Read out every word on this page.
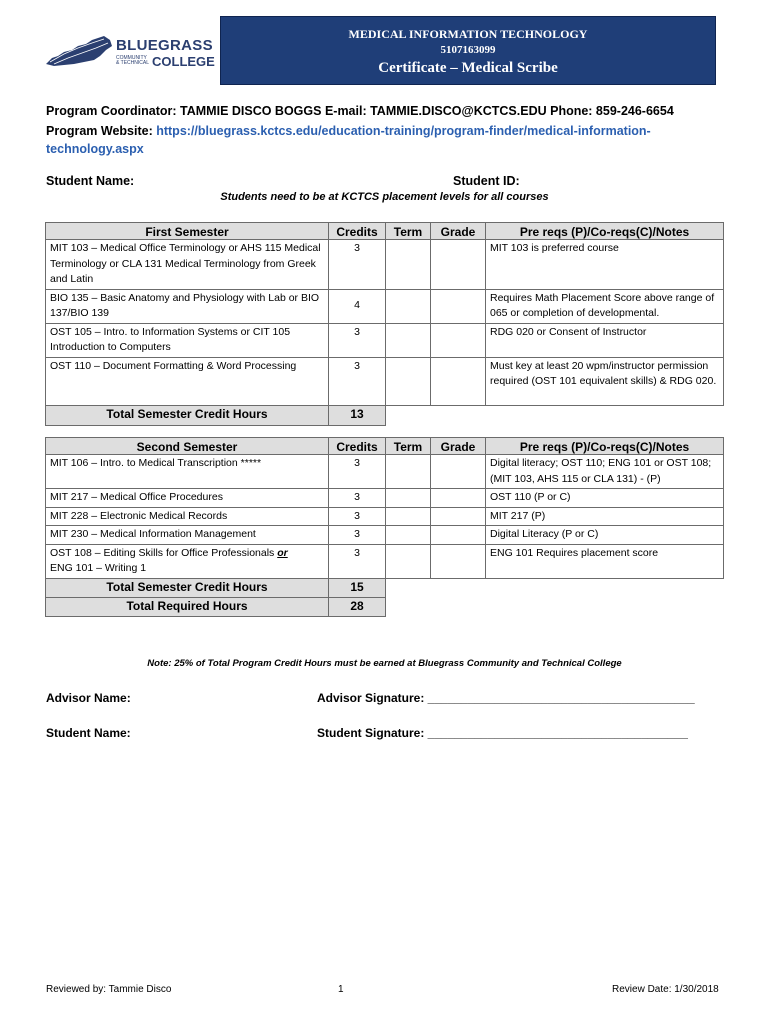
BLUEGRASS
COMMUNITY
& TECHNICAL COLLEGE
MEDICAL INFORMATION TECHNOLOGY
5107163099
Certificate – Medical Scribe
Program Coordinator: TAMMIE DISCO BOGGS E-mail: TAMMIE.DISCO@KCTCS.EDU Phone: 859-246-6654
Program Website: https://bluegrass.kctcs.edu/education-training/program-finder/medical-information-
technology.aspx
Student Name:	Student ID:
Students need to be at KCTCS placement levels for all courses
First Semester	Credits	Term	Grade	Pre reqs (P)/Co-reqs(C)/Notes
MIT 103 – Medical Office Terminology or AHS 115 Medical Terminology or CLA 131 Medical Terminology from Greek and Latin	3			MIT 103 is preferred course
BIO 135 – Basic Anatomy and Physiology with Lab or BIO 137/BIO 139	4			Requires Math Placement Score above range of 065 or completion of developmental.
OST 105 – Intro. to Information Systems or CIT 105 Introduction to Computers	3			RDG 020 or Consent of Instructor
OST 110 – Document Formatting & Word Processing	3			Must key at least 20 wpm/instructor permission required (OST 101 equivalent skills) & RDG 020.
Total Semester Credit Hours	13			
Second Semester	Credits	Term	Grade	Pre reqs (P)/Co-reqs(C)/Notes
MIT 106 – Intro. to Medical Transcription *****	3			Digital literacy; OST 110; ENG 101 or OST 108; (MIT 103, AHS 115 or CLA 131) - (P)
MIT 217 – Medical Office Procedures	3			OST 110 (P or C)
MIT 228 – Electronic Medical Records	3			MIT 217 (P)
MIT 230 – Medical Information Management	3			Digital Literacy (P or C)
OST 108 – Editing Skills for Office Professionals or
ENG 101 – Writing 1	3			ENG 101 Requires placement score
Total Semester Credit Hours	15			
Total Required Hours	28			
Note: 25% of Total Program Credit Hours must be earned at Bluegrass Community and Technical College
Advisor Name:	Advisor Signature: ________________________________________
Student Name:	Student Signature: _______________________________________
Reviewed by: Tammie Disco	1	Review Date: 1/30/2018
